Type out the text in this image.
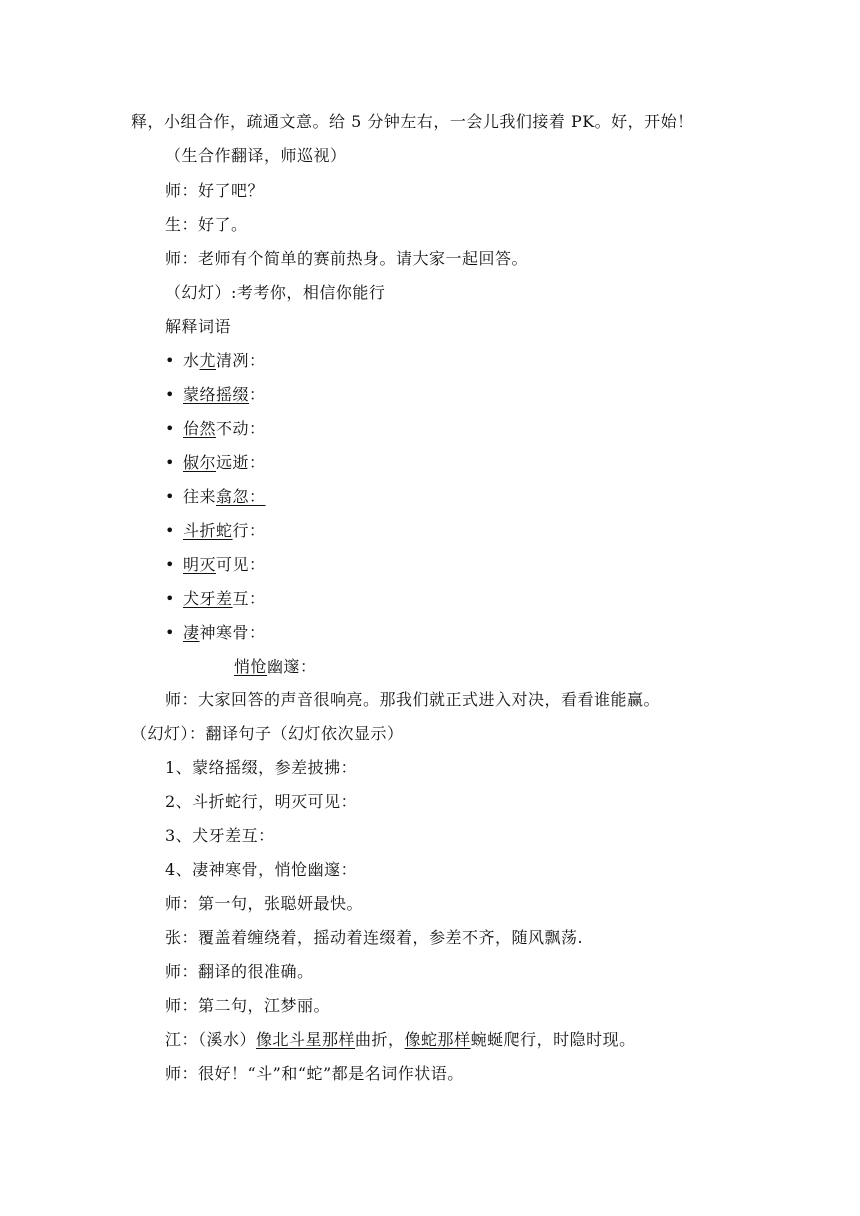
释，小组合作，疏通文意。给 5 分钟左右，一会儿我们接着 PK。好，开始！
（生合作翻译，师巡视）
师：好了吧？
生：好了。
师：老师有个简单的赛前热身。请大家一起回答。
（幻灯）:考考你，相信你能行
解释词语
• 水尤清冽：
• 蒙络摇缀：
• 佁然不动：
• 俶尔远逝：
• 往来翕忽：
• 斗折蛇行：
• 明灭可见：
• 犬牙差互：
• 凄神寒骨：
悄怆幽邃：
师：大家回答的声音很响亮。那我们就正式进入对决，看看谁能赢。
（幻灯）：翻译句子（幻灯依次显示）
1、蒙络摇缀，参差披拂：
2、斗折蛇行，明灭可见：
3、犬牙差互：
4、凄神寒骨，悄怆幽邃：
师：第一句，张聪妍最快。
张：覆盖着缠绕着，摇动着连缀着，参差不齐，随风飘荡.
师：翻译的很准确。
师：第二句，江梦丽。
江：（溪水）像北斗星那样曲折，像蛇那样蜿蜒爬行，时隐时现。
师：很好！“斗”和“蛇”都是名词作状语。
